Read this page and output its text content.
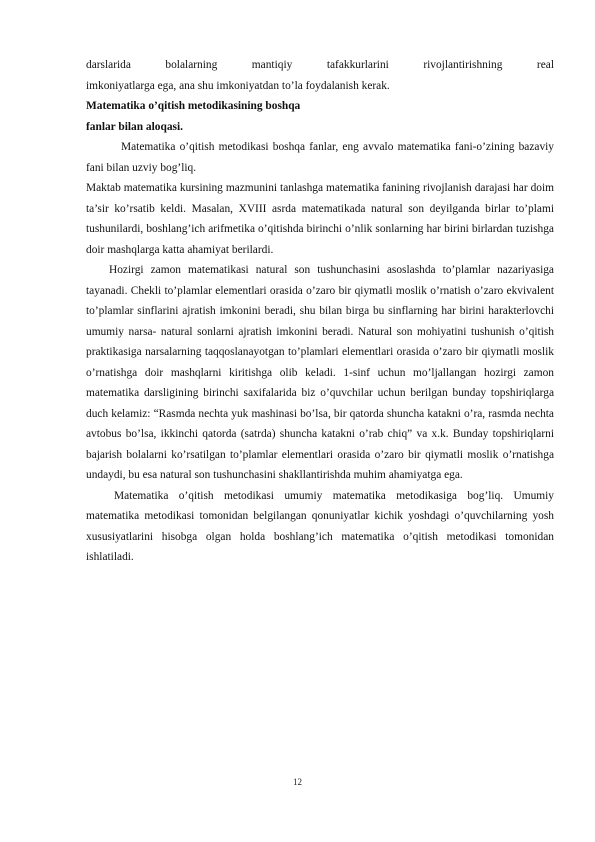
darslarida bolalarning mantiqiy tafakkurlarini rivojlantirishning real

imkoniyatlarga ega, ana shu imkoniyatdan to’la foydalanish kerak.

Matematika o’qitish metodikasining boshqa

fanlar bilan aloqasi.

Matematika o’qitish metodikasi boshqa fanlar, eng avvalo matematika fani-o’zining bazaviy fani bilan uzviy bog’liq.

Maktab matematika kursining mazmunini tanlashga matematika fanining rivojlanish darajasi har doim ta’sir ko’rsatib keldi. Masalan, XVIII asrda matematikada natural son deyilganda birlar to’plami tushunilardi, boshlang’ich arifmetika o’qitishda birinchi o’nlik sonlarning har birini birlardan tuzishga doir mashqlarga katta ahamiyat berilardi.

Hozirgi zamon matematikasi natural son tushunchasini asoslashda to’plamlar nazariyasiga tayanadi. Chekli to’plamlar elementlari orasida o’zaro bir qiymatli moslik o’rnatish o’zaro ekvivalent to’plamlar sinflarini ajratish imkonini beradi, shu bilan birga bu sinflarning har birini harakterlovchi umumiy narsa- natural sonlarni ajratish imkonini beradi. Natural son mohiyatini tushunish o’qitish praktikasiga narsalarning taqqoslanayotgan to’plamlari elementlari orasida o’zaro bir qiymatli moslik o’rnatishga doir mashqlarni kiritishga olib keladi. 1-sinf uchun mo’ljallangan hozirgi zamon matematika darsligining birinchi saxifalarida biz o’quvchilar uchun berilgan bunday topshiriqlarga duch kelamiz: “Rasmda nechta yuk mashinasi bo’lsa, bir qatorda shuncha katakni o’ra, rasmda nechta avtobus bo’lsa, ikkinchi qatorda (satrda) shuncha katakni o’rab chiq” va x.k. Bunday topshiriqlarni bajarish bolalarni ko’rsatilgan to’plamlar elementlari orasida o’zaro bir qiymatli moslik o’rnatishga undaydi, bu esa natural son tushunchasini shakllantirishda muhim ahamiyatga ega.

Matematika o’qitish metodikasi umumiy matematika metodikasiga bog’liq. Umumiy matematika metodikasi tomonidan belgilangan qonuniyatlar kichik yoshdagi o’quvchilarning yosh xususiyatlarini hisobga olgan holda boshlang’ich matematika o’qitish metodikasi tomonidan ishlatiladi.

12
